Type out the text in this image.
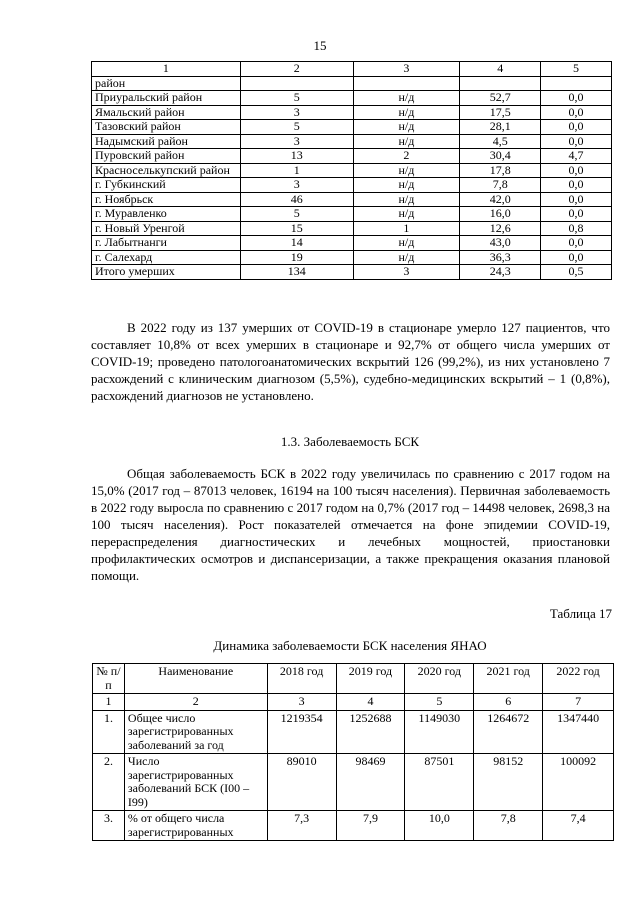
15
1	2	3	4	5
район				
Приуральский район	5	н/д	52,7	0,0
Ямальский район	3	н/д	17,5	0,0
Тазовский район	5	н/д	28,1	0,0
Надымский район	3	н/д	4,5	0,0
Пуровский район	13	2	30,4	4,7
Красноселькупский район	1	н/д	17,8	0,0
г. Губкинский	3	н/д	7,8	0,0
г. Ноябрьск	46	н/д	42,0	0,0
г. Муравленко	5	н/д	16,0	0,0
г. Новый Уренгой	15	1	12,6	0,8
г. Лабытнанги	14	н/д	43,0	0,0
г. Салехард	19	н/д	36,3	0,0
Итого умерших	134	3	24,3	0,5

В 2022 году из 137 умерших от COVID-19 в стационаре умерло 127 пациентов, что составляет 10,8% от всех умерших в стационаре и 92,7% от общего числа умерших от COVID-19; проведено патологоанатомических вскрытий 126 (99,2%), из них установлено 7 расхождений с клиническим диагнозом (5,5%), судебно-медицинских вскрытий – 1 (0,8%), расхождений диагнозов не установлено.

1.3. Заболеваемость БСК

Общая заболеваемость БСК в 2022 году увеличилась по сравнению с 2017 годом на 15,0% (2017 год – 87013 человек, 16194 на 100 тысяч населения). Первичная заболеваемость в 2022 году выросла по сравнению с 2017 годом на 0,7% (2017 год – 14498 человек, 2698,3 на 100 тысяч населения). Рост показателей отмечается на фоне эпидемии COVID-19, перераспределения диагностических и лечебных мощностей, приостановки профилактических осмотров и диспансеризации, а также прекращения оказания плановой помощи.

Таблица 17

Динамика заболеваемости БСК населения ЯНАО

№ п/п	Наименование	2018 год	2019 год	2020 год	2021 год	2022 год
1	2	3	4	5	6	7
1.	Общее число зарегистрированных заболеваний за год	1219354	1252688	1149030	1264672	1347440
2.	Число зарегистрированных заболеваний БСК (I00 – I99)	89010	98469	87501	98152	100092
3.	% от общего числа зарегистрированных	7,3	7,9	10,0	7,8	7,4
